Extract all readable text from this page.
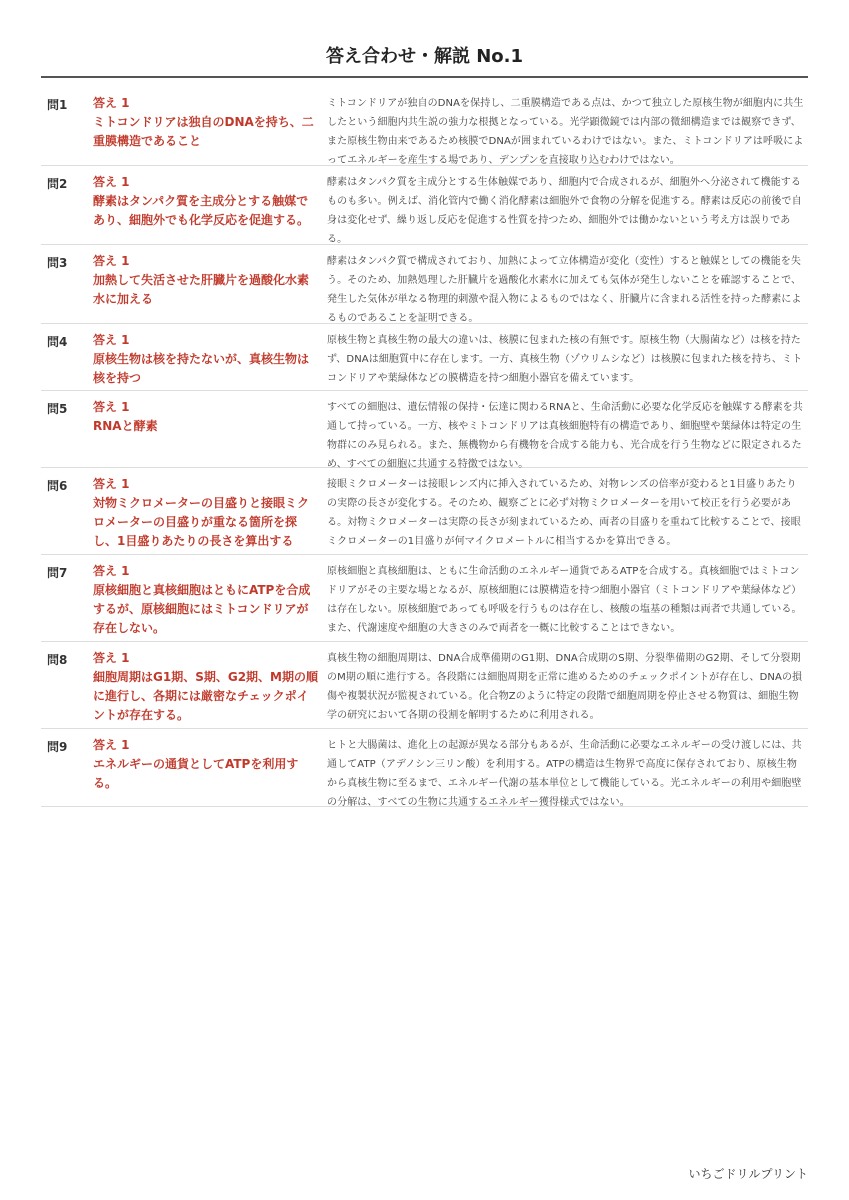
答え合わせ・解説 No.1
問1	答え 1
ミトコンドリアは独自のDNAを持ち、二重膜構造であること
ミトコンドリアが独自のDNAを保持し、二重膜構造である点は、かつて独立した原核生物が細胞内に共生したという細胞内共生説の強力な根拠となっている。光学顕微鏡では内部の微細構造までは観察できず、また原核生物由来であるため核膜でDNAが囲まれているわけではない。また、ミトコンドリアは呼吸によってエネルギーを産生する場であり、デンプンを直接取り込むわけではない。
問2	答え 1
酵素はタンパク質を主成分とする触媒であり、細胞外でも化学反応を促進する。
酵素はタンパク質を主成分とする生体触媒であり、細胞内で合成されるが、細胞外へ分泌されて機能するものも多い。例えば、消化管内で働く消化酵素は細胞外で食物の分解を促進する。酵素は反応の前後で自身は変化せず、繰り返し反応を促進する性質を持つため、細胞外では働かないという考え方は誤りである。
問3	答え 1
加熱して失活させた肝臓片を過酸化水素水に加える
酵素はタンパク質で構成されており、加熱によって立体構造が変化（変性）すると触媒としての機能を失う。そのため、加熱処理した肝臓片を過酸化水素水に加えても気体が発生しないことを確認することで、発生した気体が単なる物理的刺激や混入物によるものではなく、肝臓片に含まれる活性を持った酵素によるものであることを証明できる。
問4	答え 1
原核生物は核を持たないが、真核生物は核を持つ
原核生物と真核生物の最大の違いは、核膜に包まれた核の有無です。原核生物（大腸菌など）は核を持たず、DNAは細胞質中に存在します。一方、真核生物（ゾウリムシなど）は核膜に包まれた核を持ち、ミトコンドリアや葉緑体などの膜構造を持つ細胞小器官を備えています。
問5	答え 1
RNAと酵素
すべての細胞は、遺伝情報の保持・伝達に関わるRNAと、生命活動に必要な化学反応を触媒する酵素を共通して持っている。一方、核やミトコンドリアは真核細胞特有の構造であり、細胞壁や葉緑体は特定の生物群にのみ見られる。また、無機物から有機物を合成する能力も、光合成を行う生物などに限定されるため、すべての細胞に共通する特徴ではない。
問6	答え 1
対物ミクロメーターの目盛りと接眼ミクロメーターの目盛りが重なる箇所を探し、1目盛りあたりの長さを算出する
接眼ミクロメーターは接眼レンズ内に挿入されているため、対物レンズの倍率が変わると1目盛りあたりの実際の長さが変化する。そのため、観察ごとに必ず対物ミクロメーターを用いて校正を行う必要がある。対物ミクロメーターは実際の長さが刻まれているため、両者の目盛りを重ねて比較することで、接眼ミクロメーターの1目盛りが何マイクロメートルに相当するかを算出できる。
問7	答え 1
原核細胞と真核細胞はともにATPを合成するが、原核細胞にはミトコンドリアが存在しない。
原核細胞と真核細胞は、ともに生命活動のエネルギー通貨であるATPを合成する。真核細胞ではミトコンドリアがその主要な場となるが、原核細胞には膜構造を持つ細胞小器官（ミトコンドリアや葉緑体など）は存在しない。原核細胞であっても呼吸を行うものは存在し、核酸の塩基の種類は両者で共通している。また、代謝速度や細胞の大きさのみで両者を一概に比較することはできない。
問8	答え 1
細胞周期はG1期、S期、G2期、M期の順に進行し、各期には厳密なチェックポイントが存在する。
真核生物の細胞周期は、DNA合成準備期のG1期、DNA合成期のS期、分裂準備期のG2期、そして分裂期のM期の順に進行する。各段階には細胞周期を正常に進めるためのチェックポイントが存在し、DNAの損傷や複製状況が監視されている。化合物Zのように特定の段階で細胞周期を停止させる物質は、細胞生物学の研究において各期の役割を解明するために利用される。
問9	答え 1
エネルギーの通貨としてATPを利用する。
ヒトと大腸菌は、進化上の起源が異なる部分もあるが、生命活動に必要なエネルギーの受け渡しには、共通してATP（アデノシン三リン酸）を利用する。ATPの構造は生物界で高度に保存されており、原核生物から真核生物に至るまで、エネルギー代謝の基本単位として機能している。光エネルギーの利用や細胞壁の分解は、すべての生物に共通するエネルギー獲得様式ではない。
いちごドリルプリント
